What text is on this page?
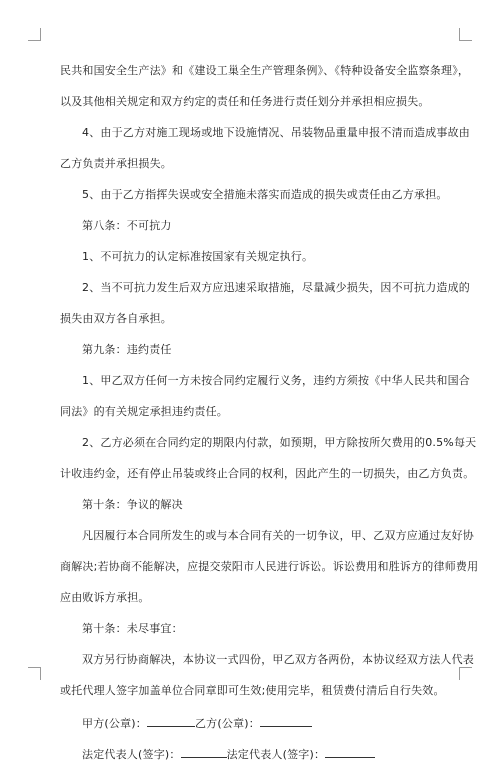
民共和国安全生产法》和《建设工巢全生产管理条例》、《特种设备安全监察条理》，
以及其他相关规定和双方约定的责任和任务进行责任划分并承担相应损失。
4、由于乙方对施工现场或地下设施情况、吊装物品重量申报不清而造成事故由
乙方负责并承担损失。
5、由于乙方指挥失误或安全措施未落实而造成的损失或责任由乙方承担。
第八条：不可抗力
1、不可抗力的认定标准按国家有关规定执行。
2、当不可抗力发生后双方应迅速采取措施，尽量减少损失，因不可抗力造成的
损失由双方各自承担。
第九条：违约责任
1、甲乙双方任何一方未按合同约定履行义务，违约方须按《中华人民共和国合
同法》的有关规定承担违约责任。
2、乙方必须在合同约定的期限内付款，如预期，甲方除按所欠费用的0.5%每天
计收违约金，还有停止吊装或终止合同的权利，因此产生的一切损失，由乙方负责。
第十条：争议的解决
凡因履行本合同所发生的或与本合同有关的一切争议，甲、乙双方应通过友好协
商解决;若协商不能解决，应提交荥阳市人民进行诉讼。诉讼费用和胜诉方的律师费用
应由败诉方承担。
第十条：未尽事宜：
双方另行协商解决，本协议一式四份，甲乙双方各两份，本协议经双方法人代表
或托代理人签字加盖单位合同章即可生效;使用完毕，租赁费付清后自行失效。
甲方(公章)：	乙方(公章)：
法定代表人(签字)：	法定代表人(签字)：
